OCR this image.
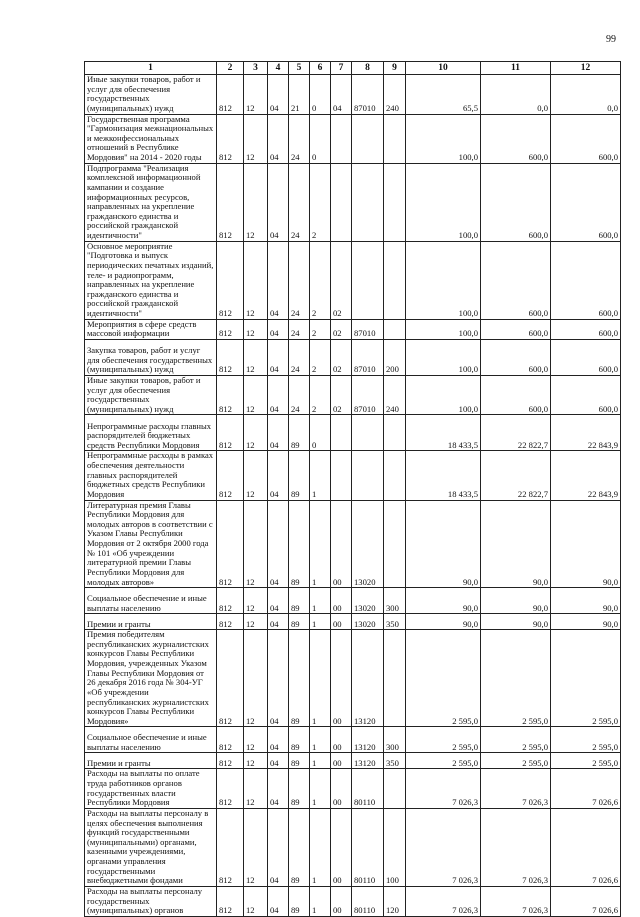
99
1	2	3	4	5	6	7	8	9	10	11	12
Иные закупки товаров, работ и услуг для обеспечения государственных (муниципальных) нужд	812	12	04	21	0	04	87010	240	65,5	0,0	0,0
Государственная программа "Гармонизация межнациональных и межконфессиональных отношений в Республике Мордовия" на 2014 - 2020 годы	812	12	04	24	0				100,0	600,0	600,0
Подпрограмма "Реализация комплексной информационной кампании и создание информационных ресурсов, направленных на укрепление гражданского единства и российской гражданской идентичности"	812	12	04	24	2				100,0	600,0	600,0
Основное мероприятие "Подготовка и выпуск периодических печатных изданий, теле- и радиопрограмм, направленных на укрепление гражданского единства и российской гражданской идентичности"	812	12	04	24	2	02			100,0	600,0	600,0
Мероприятия в сфере средств массовой информации	812	12	04	24	2	02	87010		100,0	600,0	600,0
Закупка товаров, работ и услуг для обеспечения государственных (муниципальных) нужд	812	12	04	24	2	02	87010	200	100,0	600,0	600,0
Иные закупки товаров, работ и услуг для обеспечения государственных (муниципальных) нужд	812	12	04	24	2	02	87010	240	100,0	600,0	600,0
Непрограммные расходы главных распорядителей бюджетных средств Республики Мордовия	812	12	04	89	0				18 433,5	22 822,7	22 843,9
Непрограммные расходы в рамках обеспечения деятельности главных распорядителей бюджетных средств Республики Мордовия	812	12	04	89	1				18 433,5	22 822,7	22 843,9
Литературная премия Главы Республики Мордовия для молодых авторов в соответствии с Указом Главы Республики Мордовия от 2 октября 2000 года № 101 «Об учреждении литературной премии Главы Республики Мордовия для молодых авторов»	812	12	04	89	1	00	13020		90,0	90,0	90,0
Социальное обеспечение и иные выплаты населению	812	12	04	89	1	00	13020	300	90,0	90,0	90,0
Премии и гранты	812	12	04	89	1	00	13020	350	90,0	90,0	90,0
Премия победителям республиканских журналистских конкурсов Главы Республики Мордовия, учрежденных Указом Главы Республики Мордовия от 26 декабря 2016 года № 304-УГ «Об учреждении республиканских журналистских конкурсов Главы Республики Мордовия»	812	12	04	89	1	00	13120		2 595,0	2 595,0	2 595,0
Социальное обеспечение и иные выплаты населению	812	12	04	89	1	00	13120	300	2 595,0	2 595,0	2 595,0
Премии и гранты	812	12	04	89	1	00	13120	350	2 595,0	2 595,0	2 595,0
Расходы на выплаты по оплате труда работников органов государственных власти Республики Мордовия	812	12	04	89	1	00	80110		7 026,3	7 026,3	7 026,6
Расходы на выплаты персоналу в целях обеспечения выполнения функций государственными (муниципальными) органами, казенными учреждениями, органами управления государственными внебюджетными фондами	812	12	04	89	1	00	80110	100	7 026,3	7 026,3	7 026,6
Расходы на выплаты персоналу государственных (муниципальных) органов	812	12	04	89	1	00	80110	120	7 026,3	7 026,3	7 026,6
